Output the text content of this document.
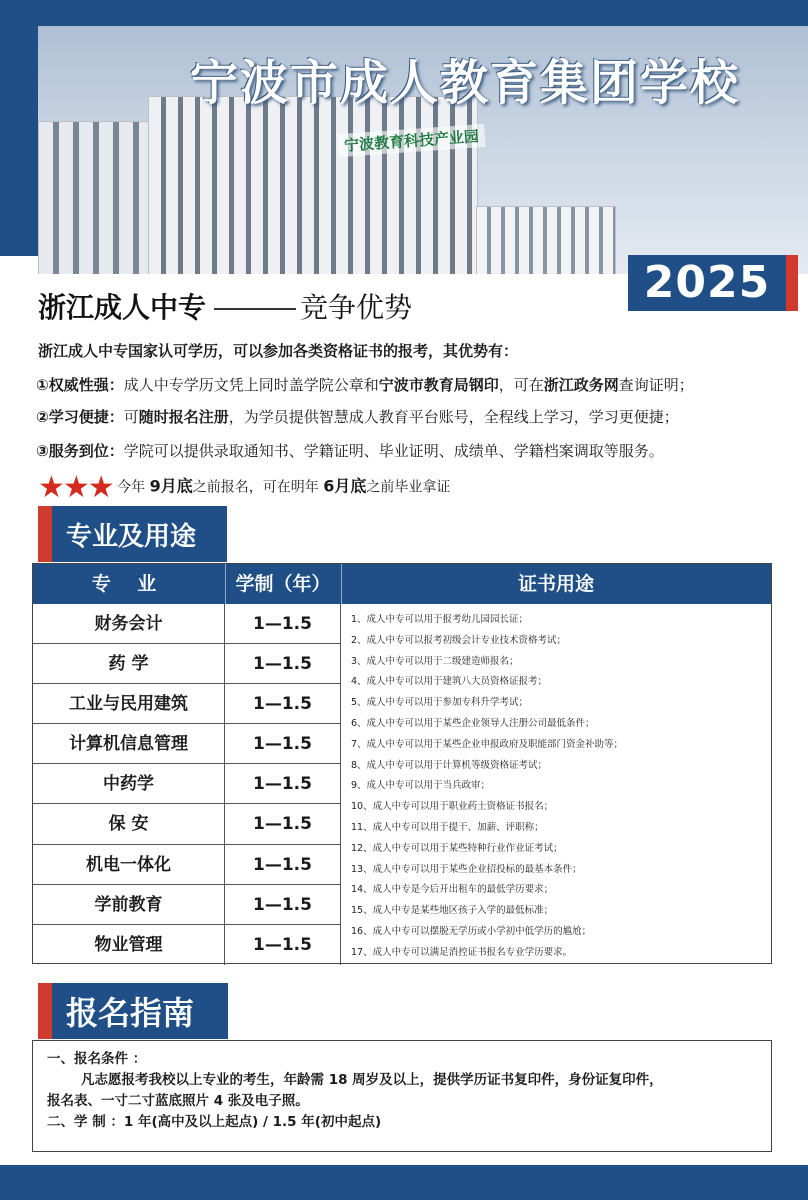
宁波教育科技产业园
宁波市成人教育集团学校
2025
浙江成人中专	竞争优势
浙江成人中专国家认可学历，可以参加各类资格证书的报考，其优势有：
①权威性强：成人中专学历文凭上同时盖学院公章和宁波市教育局钢印，可在浙江政务网查询证明；
②学习便捷：可随时报名注册，为学员提供智慧成人教育平台账号，全程线上学习，学习更便捷；
③服务到位：学院可以提供录取通知书、学籍证明、毕业证明、成绩单、学籍档案调取等服务。
★★★ 今年 9月底之前报名，可在明年 6月底之前毕业拿证
专业及用途
专 业	学制（年）	证书用途
财务会计	1—1.5
药 学	1—1.5
工业与民用建筑	1—1.5
计算机信息管理	1—1.5
中药学	1—1.5
保 安	1—1.5
机电一体化	1—1.5
学前教育	1—1.5
物业管理	1—1.5
1、成人中专可以用于报考幼儿园园长证；
2、成人中专可以报考初级会计专业技术资格考试；
3、成人中专可以用于二级建造师报名；
4、成人中专可以用于建筑八大员资格证报考；
5、成人中专可以用于参加专科升学考试；
6、成人中专可以用于某些企业领导人注册公司最低条件；
7、成人中专可以用于某些企业申报政府及职能部门资金补助等；
8、成人中专可以用于计算机等级资格证考试；
9、成人中专可以用于当兵政审；
10、成人中专可以用于职业药士资格证书报名；
11、成人中专可以用于提干、加薪、评职称；
12、成人中专可以用于某些特种行业作业证考试；
13、成人中专可以用于某些企业招投标的最基本条件；
14、成人中专是今后开出租车的最低学历要求；
15、成人中专是某些地区孩子入学的最低标准；
16、成人中专可以摆脱无学历或小学初中低学历的尴尬；
17、成人中专可以满足消控证书报名专业学历要求。
报名指南

一、报名条件 ：

凡志愿报考我校以上专业的考生，年龄需 18 周岁及以上，提供学历证书复印件，身份证复印件，

报名表、一寸二寸蓝底照片 4 张及电子照。

二、学 制 ：1 年(高中及以上起点) / 1.5 年(初中起点)
